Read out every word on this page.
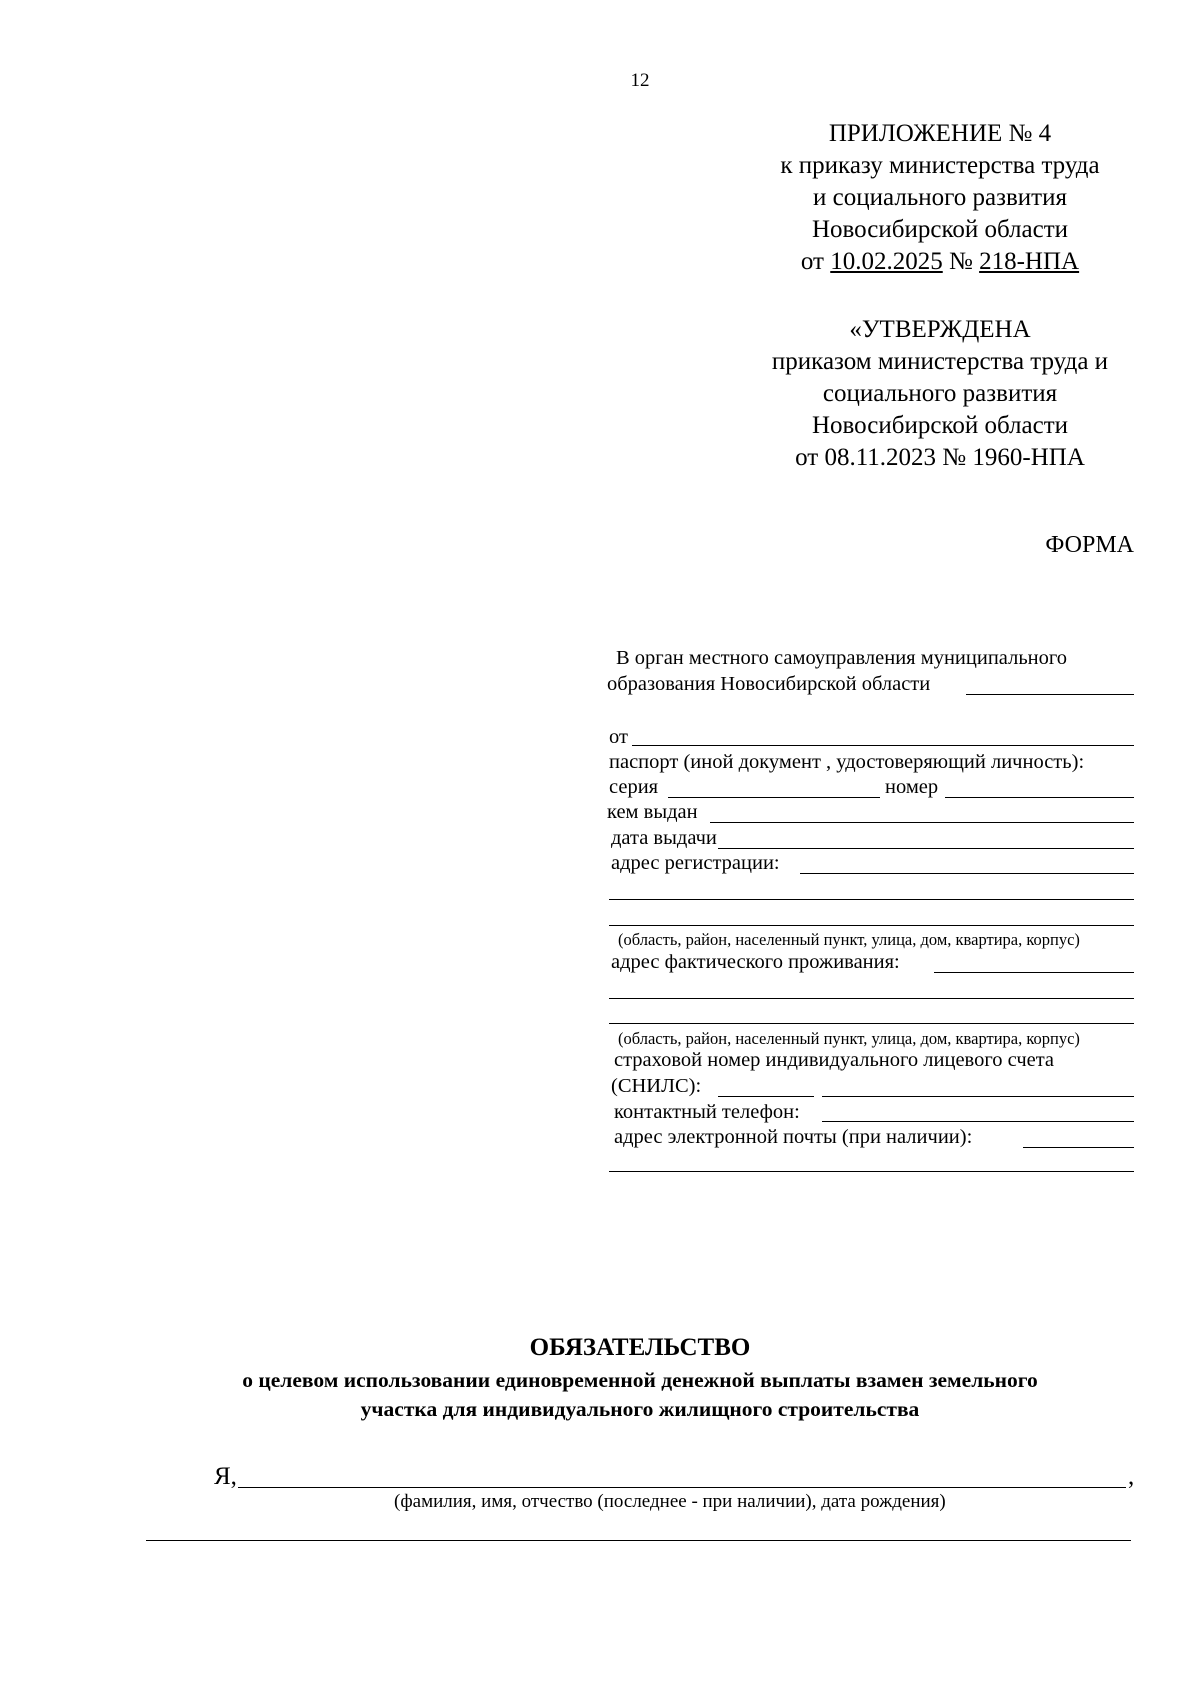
12
ПРИЛОЖЕНИЕ № 4
к приказу министерства труда
и социального развития
Новосибирской области
от 10.02.2025 № 218-НПА
«УТВЕРЖДЕНА
приказом министерства труда и
социального развития
Новосибирской области
от 08.11.2023 № 1960-НПА
ФОРМА
В орган местного самоуправления муниципального
образования Новосибирской области
от
паспорт (иной документ , удостоверяющий личность):
серия	номер
кем выдан
дата выдачи
адрес регистрации:
(область, район, населенный пункт, улица, дом, квартира, корпус)
адрес фактического проживания:
(область, район, населенный пункт, улица, дом, квартира, корпус)
страховой номер индивидуального лицевого счета
(СНИЛС):
контактный телефон:
адрес электронной почты (при наличии):
ОБЯЗАТЕЛЬСТВО
о целевом использовании единовременной денежной выплаты взамен земельного
участка для индивидуального жилищного строительства
Я,	,
(фамилия, имя, отчество (последнее - при наличии), дата рождения)
